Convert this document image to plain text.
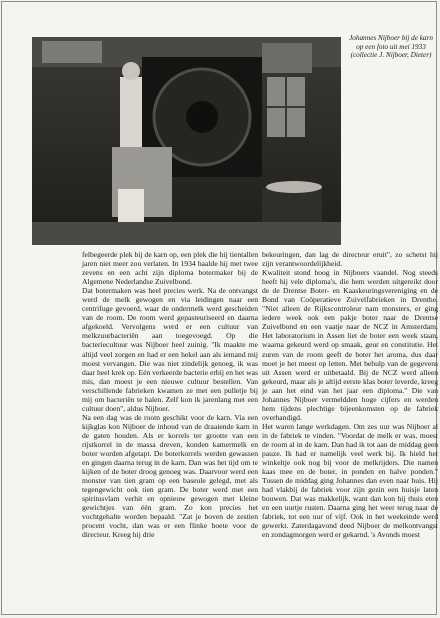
Johannes Nijboer bij de karn op een foto uit mei 1933 (collectie J. Nijboer, Dieter)

felbegeerde plek bij de karn op, een plek die hij tientallen jaren niet meer zou verlaten. In 1934 haalde hij met twee zevens en een acht zijn diploma botermaker bij de Algemene Nederlandse Zuivelbond.

Dat botermaken was heel precies werk. Na de ontvangst werd de melk gewogen en via leidingen naar een centrifuge gevoerd, waar de ondermelk werd gescheiden van de room. De room werd gepasteuriseerd en daarna afgekoeld. Vervolgens werd er een cultuur van melkzuurbacteriën aan toegevoegd. Op die bacteriecultuur was Nijboer heel zuinig. "Ik maakte me altijd veel zorgen en had er een hekel aan als iemand mij moest vervangen. Die was niet zindelijk genoeg, ik was daar heel krek op. Eén verkeerde bacterie erbij en het was mis, dan moest je een nieuwe cultuur bestellen. Van verschillende fabrieken kwamen ze met een pulletje bij mij om bacteriën te halen. Zelf kon ik jarenlang met een cultuur doen", aldus Nijboer.

Na een dag was de room geschikt voor de karn. Via een kijkglas kon Nijboer de inhoud van de draaiende karn in de gaten houden. Als er korrels ter grootte van een rijstkorrel in de massa dreven, konden kamermelk en boter worden afgetapt. De boterkorrels werden gewassen en gingen daarna terug in de karn. Dan was het tijd om te kijken of de boter droog genoeg was. Daarvoor werd een monster van tien gram op een baseule gelegd, met als tegengewicht ook tien gram. De boter werd met een spiritusvlam verhit en opnieuw gewogen met kleine gewichtjes van één gram. Zo kon precies het vochtgehalte worden bepaald. "Zat je boven de zestien procent vocht, dan was er een flinke boete voor de directeur. Kreeg hij drie

bekeuringen, dan lag de directeur eruit", zo schetst hij zijn verantwoordelijkheid.

Kwaliteit stond hoog in Nijboers vaandel. Nog steeds heeft hij vele diploma's, die hem werden uitgereikt door de de Drentse Boter- en Kaaskeuringsvereniging en de Bond van Coöperatieve Zuivelfabrieken in Drenthe. "Niet alleen de Rijkscontroleur nam monsters, er ging iedere week ook een pakje boter naar de Drentse Zuivelbond en een vaatje naar de NCZ in Amsterdam. Het laboratorium in Assen liet de boter een week staan, waarna gekeurd werd op smaak, geur en constitutie. Het zuren van de room geeft de boter het aroma, dus daar moet je het meest op letten. Met behulp van de gegevens uit Assen werd er uitbetaald. Bij de NCZ werd alleen gekeurd, maar als je altijd eerste klas boter leverde, kreeg je aan het eind van het jaar een diploma." Die van Johannes Nijboer vermeldden hoge cijfers en werden hem tijdens plechtige bijeenkomsten op de fabriek overhandigd.

Het waren lange werkdagen. Om zes uur was Nijboer al in de fabriek te vinden. "Voordat de melk er was, moest de room al in de karn. Dan had ik tot aan de middag geen pauze. Ik had er namelijk veel werk bij. Ik hield het winkeltje ook nog bij voor de melkrijders. Die namen kaas mee en de boter, in ponden en halve ponden." Tussen de middag ging Johannes dan even naar huis. Hij had vlakbij de fabriek voor zijn gezin een huisje laten bouwen. Dat was makkelijk, want dan kon hij thuis eten en een uurtje rusten. Daarna ging het weer terug naar de fabriek, tot een uur of vijf. Ook in het weekeinde werd gewerkt. Zaterdagavond deed Nijboer de melkontvangst en zondagmorgen werd er gekarnd. 's Avonds moest
